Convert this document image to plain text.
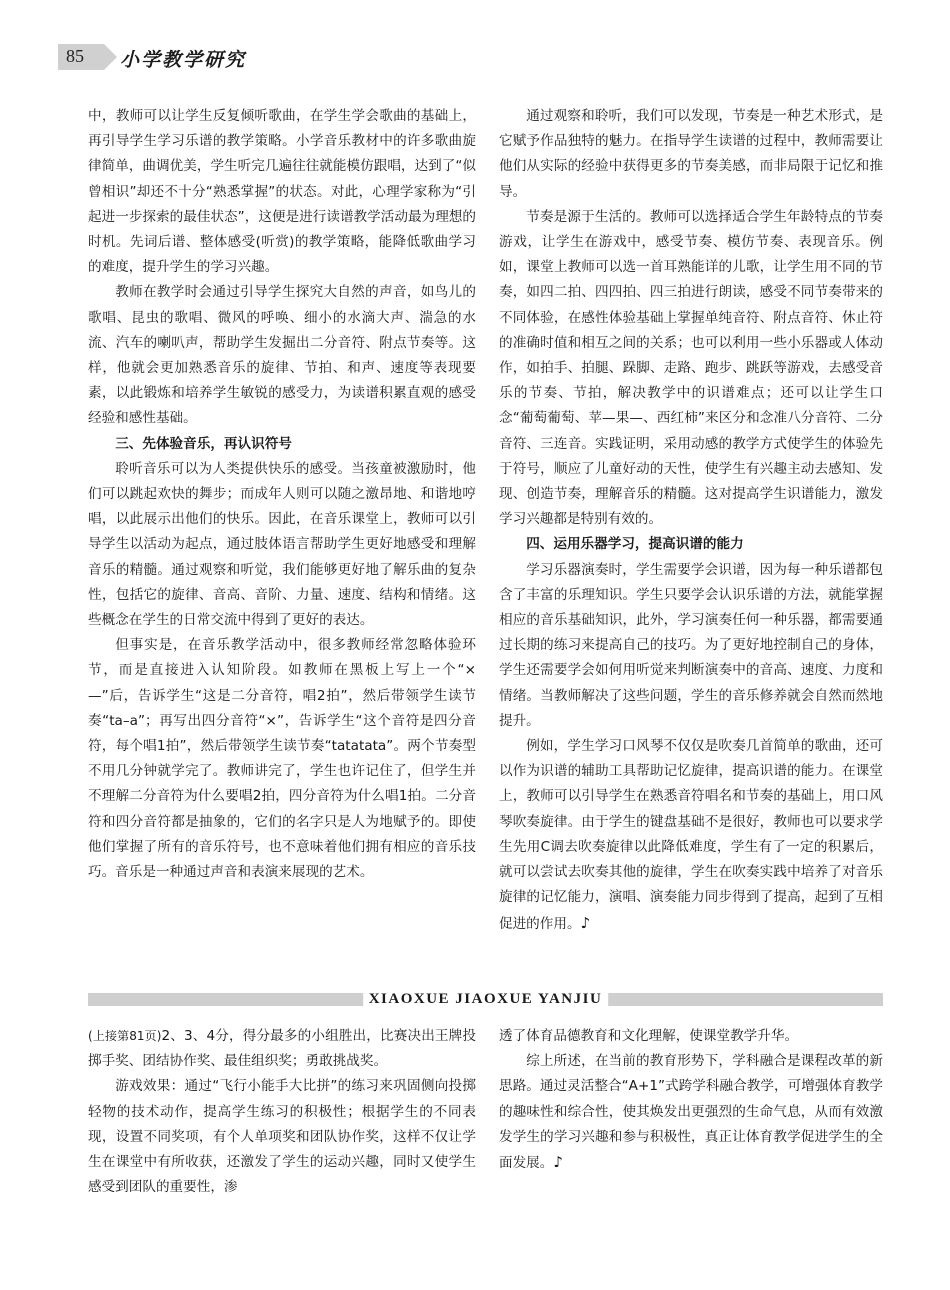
85 小学教学研究

中，教师可以让学生反复倾听歌曲，在学生学会歌曲的基础上，再引导学生学习乐谱的教学策略。小学音乐教材中的许多歌曲旋律简单，曲调优美，学生听完几遍往往就能模仿跟唱，达到了“似曾相识”却还不十分“熟悉掌握”的状态。对此，心理学家称为“引起进一步探索的最佳状态”，这便是进行读谱教学活动最为理想的时机。先词后谱、整体感受(听赏)的教学策略，能降低歌曲学习的难度，提升学生的学习兴趣。

教师在教学时会通过引导学生探究大自然的声音，如鸟儿的歌唱、昆虫的歌唱、微风的呼唤、细小的水滴大声、湍急的水流、汽车的喇叭声，帮助学生发掘出二分音符、附点节奏等。这样，他就会更加熟悉音乐的旋律、节拍、和声、速度等表现要素，以此锻炼和培养学生敏锐的感受力，为读谱积累直观的感受经验和感性基础。

三、先体验音乐，再认识符号

聆听音乐可以为人类提供快乐的感受。当孩童被激励时，他们可以跳起欢快的舞步；而成年人则可以随之激昂地、和谐地哼唱，以此展示出他们的快乐。因此，在音乐课堂上，教师可以引导学生以活动为起点，通过肢体语言帮助学生更好地感受和理解音乐的精髓。通过观察和听觉，我们能够更好地了解乐曲的复杂性，包括它的旋律、音高、音阶、力量、速度、结构和情绪。这些概念在学生的日常交流中得到了更好的表达。

但事实是，在音乐教学活动中，很多教师经常忽略体验环节，而是直接进入认知阶段。如教师在黑板上写上一个“×—”后，告诉学生“这是二分音符，唱2拍”，然后带领学生读节奏“ta–a”；再写出四分音符“×”，告诉学生“这个音符是四分音符，每个唱1拍”，然后带领学生读节奏“tatatata”。两个节奏型不用几分钟就学完了。教师讲完了，学生也许记住了，但学生并不理解二分音符为什么要唱2拍，四分音符为什么唱1拍。二分音符和四分音符都是抽象的，它们的名字只是人为地赋予的。即使他们掌握了所有的音乐符号，也不意味着他们拥有相应的音乐技巧。音乐是一种通过声音和表演来展现的艺术。

通过观察和聆听，我们可以发现，节奏是一种艺术形式，是它赋予作品独特的魅力。在指导学生读谱的过程中，教师需要让他们从实际的经验中获得更多的节奏美感，而非局限于记忆和推导。

节奏是源于生活的。教师可以选择适合学生年龄特点的节奏游戏，让学生在游戏中，感受节奏、模仿节奏、表现音乐。例如，课堂上教师可以选一首耳熟能详的儿歌，让学生用不同的节奏，如四二拍、四四拍、四三拍进行朗读，感受不同节奏带来的不同体验，在感性体验基础上掌握单纯音符、附点音符、休止符的准确时值和相互之间的关系；也可以利用一些小乐器或人体动作，如拍手、拍腿、跺脚、走路、跑步、跳跃等游戏，去感受音乐的节奏、节拍，解决教学中的识谱难点；还可以让学生口念“葡萄葡萄、苹—果—、西红柿”来区分和念准八分音符、二分音符、三连音。实践证明，采用动感的教学方式使学生的体验先于符号，顺应了儿童好动的天性，使学生有兴趣主动去感知、发现、创造节奏，理解音乐的精髓。这对提高学生识谱能力，激发学习兴趣都是特别有效的。

四、运用乐器学习，提高识谱的能力

学习乐器演奏时，学生需要学会识谱，因为每一种乐谱都包含了丰富的乐理知识。学生只要学会认识乐谱的方法，就能掌握相应的音乐基础知识，此外，学习演奏任何一种乐器，都需要通过长期的练习来提高自己的技巧。为了更好地控制自己的身体，学生还需要学会如何用听觉来判断演奏中的音高、速度、力度和情绪。当教师解决了这些问题，学生的音乐修养就会自然而然地提升。

例如，学生学习口风琴不仅仅是吹奏几首简单的歌曲，还可以作为识谱的辅助工具帮助记忆旋律，提高识谱的能力。在课堂上，教师可以引导学生在熟悉音符唱名和节奏的基础上，用口风琴吹奏旋律。由于学生的键盘基础不是很好，教师也可以要求学生先用C调去吹奏旋律以此降低难度，学生有了一定的积累后，就可以尝试去吹奏其他的旋律，学生在吹奏实践中培养了对音乐旋律的记忆能力，演唱、演奏能力同步得到了提高，起到了互相促进的作用。♪

XIAOXUE JIAOXUE YANJIU

(上接第81页)2、3、4分，得分最多的小组胜出，比赛决出王牌投掷手奖、团结协作奖、最佳组织奖；勇敢挑战奖。

游戏效果：通过“飞行小能手大比拼”的练习来巩固侧向投掷轻物的技术动作，提高学生练习的积极性；根据学生的不同表现，设置不同奖项，有个人单项奖和团队协作奖，这样不仅让学生在课堂中有所收获，还激发了学生的运动兴趣，同时又使学生感受到团队的重要性，渗

透了体育品德教育和文化理解，使课堂教学升华。

综上所述，在当前的教育形势下，学科融合是课程改革的新思路。通过灵活整合“A+1”式跨学科融合教学，可增强体育教学的趣味性和综合性，使其焕发出更强烈的生命气息，从而有效激发学生的学习兴趣和参与积极性，真正让体育教学促进学生的全面发展。♪
